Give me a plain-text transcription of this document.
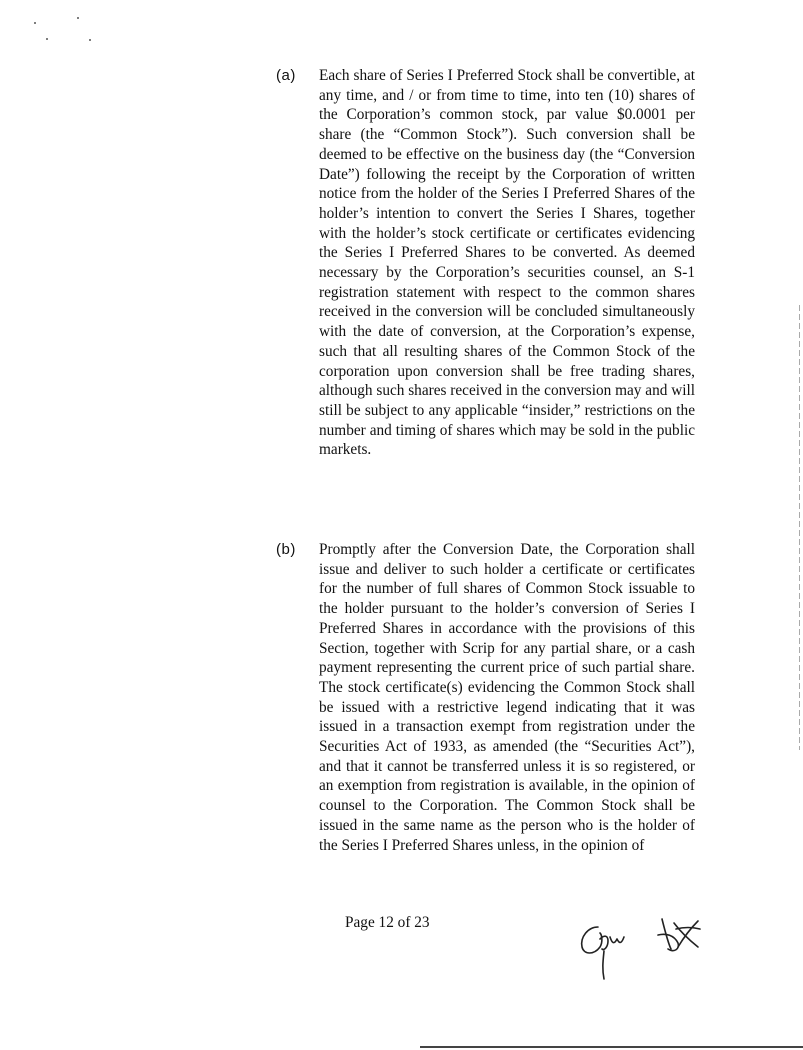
(a) Each share of Series I Preferred Stock shall be convertible, at any time, and / or from time to time, into ten (10) shares of the Corporation’s common stock, par value $0.0001 per share (the “Common Stock”). Such conversion shall be deemed to be effective on the business day (the “Conversion Date”) following the receipt by the Corporation of written notice from the holder of the Series I Preferred Shares of the holder’s intention to convert the Series I Shares, together with the holder’s stock certificate or certificates evidencing the Series I Preferred Shares to be converted. As deemed necessary by the Corporation’s securities counsel, an S-1 registration statement with respect to the common shares received in the conversion will be concluded simultaneously with the date of conversion, at the Corporation’s expense, such that all resulting shares of the Common Stock of the corporation upon conversion shall be free trading shares, although such shares received in the conversion may and will still be subject to any applicable “insider,” restrictions on the number and timing of shares which may be sold in the public markets.
(b) Promptly after the Conversion Date, the Corporation shall issue and deliver to such holder a certificate or certificates for the number of full shares of Common Stock issuable to the holder pursuant to the holder’s conversion of Series I Preferred Shares in accordance with the provisions of this Section, together with Scrip for any partial share, or a cash payment representing the current price of such partial share. The stock certificate(s) evidencing the Common Stock shall be issued with a restrictive legend indicating that it was issued in a transaction exempt from registration under the Securities Act of 1933, as amended (the “Securities Act”), and that it cannot be transferred unless it is so registered, or an exemption from registration is available, in the opinion of counsel to the Corporation. The Common Stock shall be issued in the same name as the person who is the holder of the Series I Preferred Shares unless, in the opinion of
Page 12 of 23
